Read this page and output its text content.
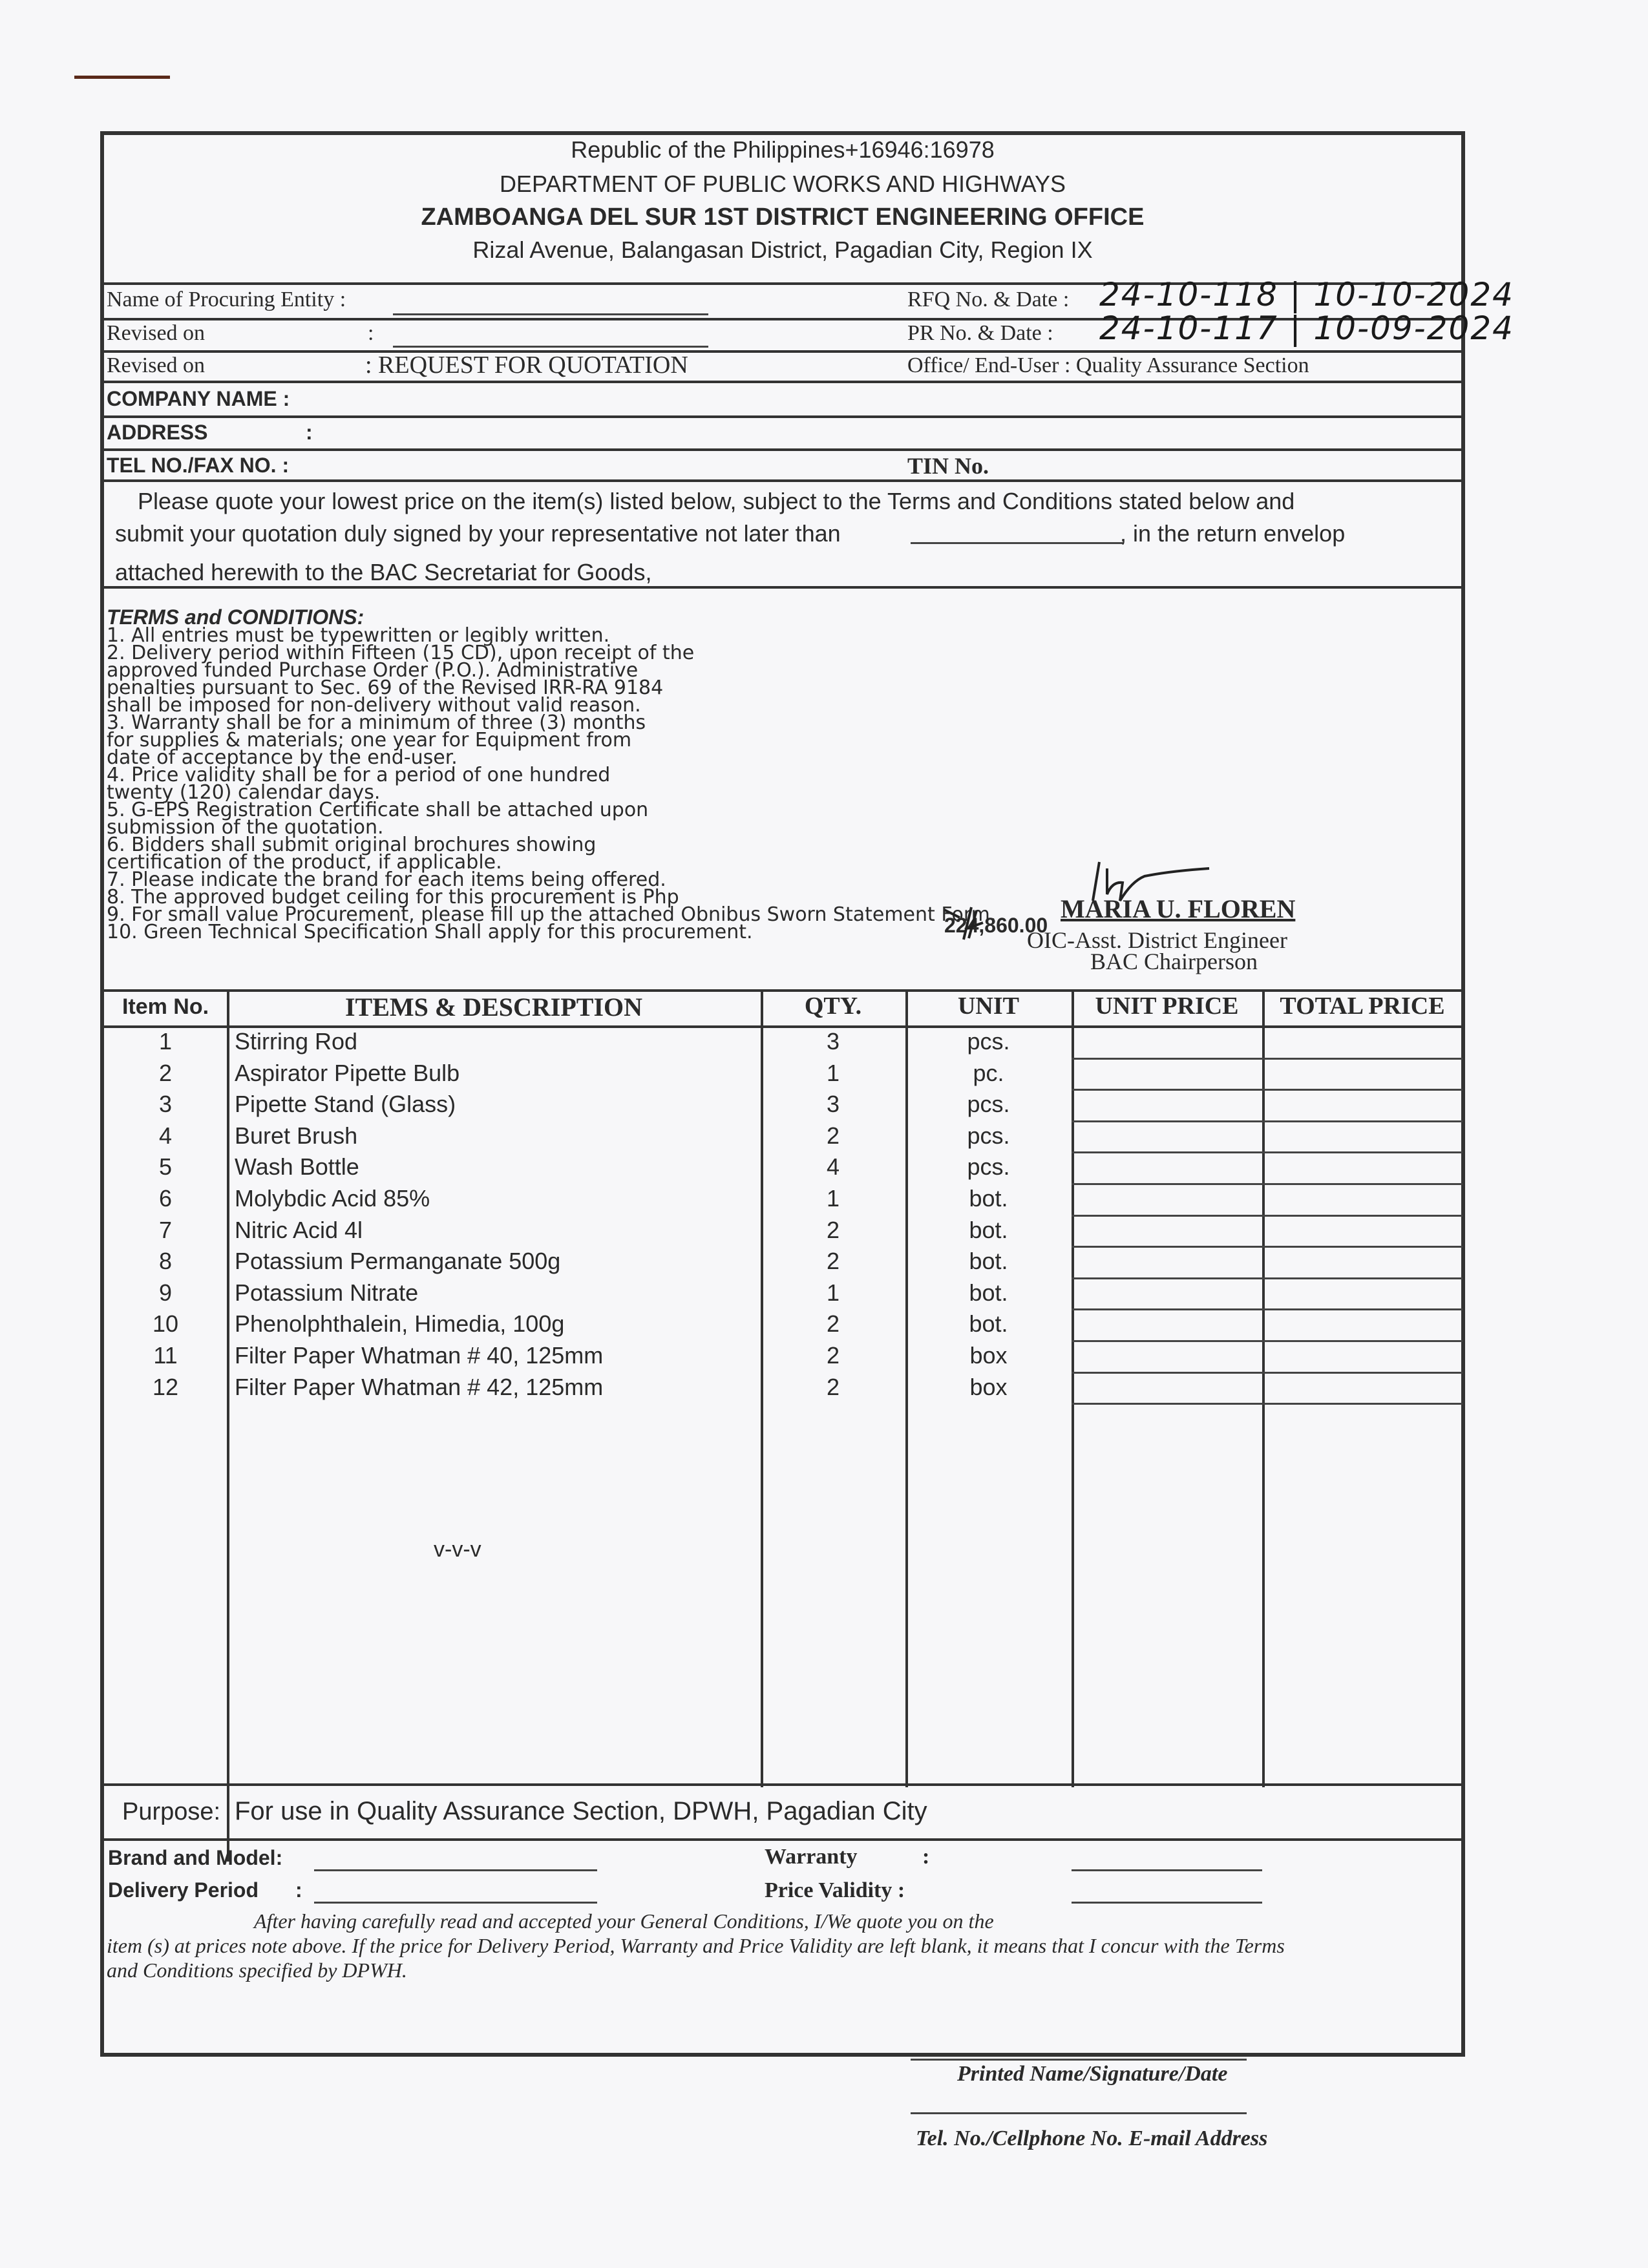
Republic of the Philippines+16946:16978
DEPARTMENT OF PUBLIC WORKS AND HIGHWAYS
ZAMBOANGA DEL SUR 1ST DISTRICT ENGINEERING OFFICE
Rizal Avenue, Balangasan District, Pagadian City, Region IX
Name of Procuring Entity :	RFQ No. & Date : 24-10-118 | 10-10-2024
Revised on	:	PR No. & Date : 24-10-117 | 10-09-2024
Revised on	: REQUEST FOR QUOTATION	Office/ End-User : Quality Assurance Section
COMPANY NAME :
ADDRESS	:
TEL NO./FAX NO. :	TIN No.
Please quote your lowest price on the item(s) listed below, subject to the Terms and Conditions stated below and
submit your quotation duly signed by your representative not later than	, in the return envelop
attached herewith to the BAC Secretariat for Goods,
TERMS and CONDITIONS:
1. All entries must be typewritten or legibly written.
2. Delivery period within Fifteen (15 CD), upon receipt of the
approved funded Purchase Order (P.O.). Administrative
penalties pursuant to Sec. 69 of the Revised IRR-RA 9184
shall be imposed for non-delivery without valid reason.
3. Warranty shall be for a minimum of three (3) months
for supplies & materials; one year for Equipment from
date of acceptance by the end-user.
4. Price validity shall be for a period of one hundred
twenty (120) calendar days.
5. G-EPS Registration Certificate shall be attached upon
submission of the quotation.
6. Bidders shall submit original brochures showing
certification of the product, if applicable.
7. Please indicate the brand for each items being offered.
8. The approved budget ceiling for this procurement is Php
9. For small value Procurement, please fill up the attached Obnibus Sworn Statement Form.
10. Green Technical Specification Shall apply for this procurement.	224,860.00
MARIA U. FLOREN
OIC-Asst. District Engineer
BAC Chairperson
Item No.	ITEMS & DESCRIPTION	QTY.	UNIT	UNIT PRICE	TOTAL PRICE
1	Stirring Rod	3	pcs.
2	Aspirator Pipette Bulb	1	pc.
3	Pipette Stand (Glass)	3	pcs.
4	Buret Brush	2	pcs.
5	Wash Bottle	4	pcs.
6	Molybdic Acid 85%	1	bot.
7	Nitric Acid 4l	2	bot.
8	Potassium Permanganate 500g	2	bot.
9	Potassium Nitrate	1	bot.
10	Phenolphthalein, Himedia, 100g	2	bot.
11	Filter Paper Whatman # 40, 125mm	2	box
12	Filter Paper Whatman # 42, 125mm	2	box
v-v-v
Purpose: For use in Quality Assurance Section, DPWH, Pagadian City
Brand and Model:	Warranty	:
Delivery Period :	Price Validity :
After having carefully read and accepted your General Conditions, I/We quote you on the
item (s) at prices note above. If the price for Delivery Period, Warranty and Price Validity are left blank, it means that I concur with the Terms
and Conditions specified by DPWH.
Printed Name/Signature/Date
Tel. No./Cellphone No. E-mail Address
